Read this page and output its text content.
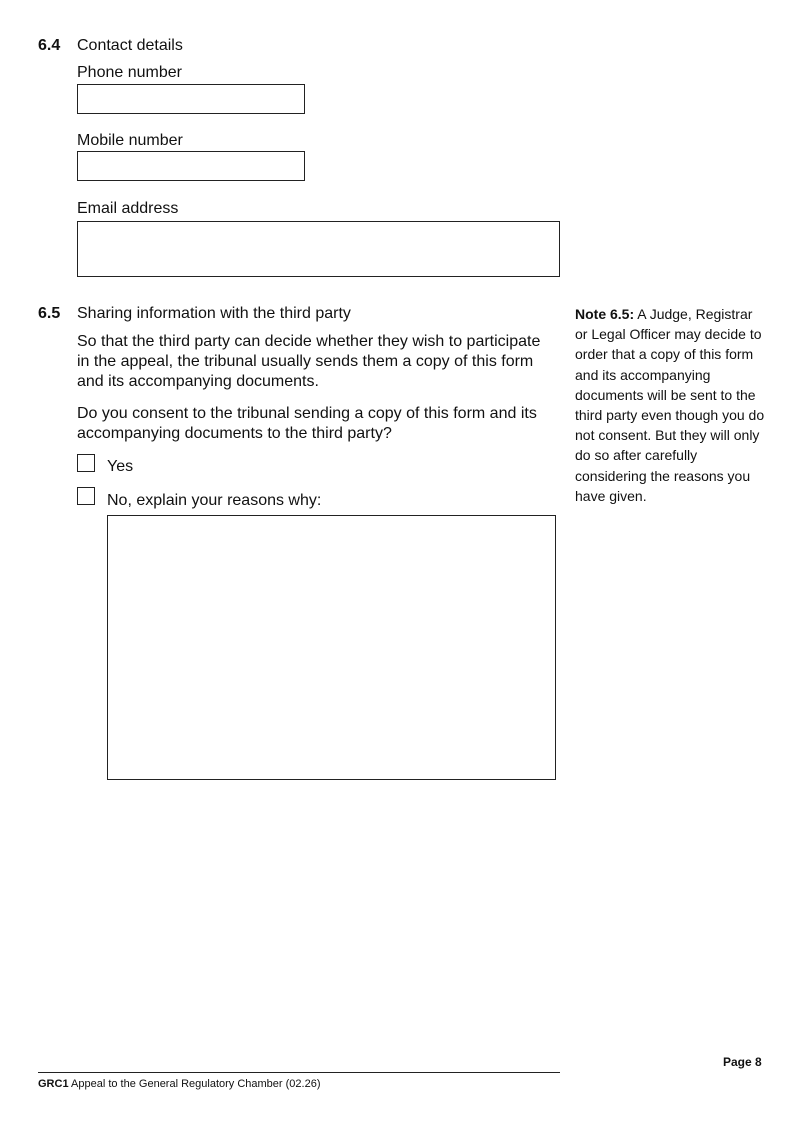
6.4 Contact details
Phone number
Mobile number
Email address
6.5 Sharing information with the third party
So that the third party can decide whether they wish to participate in the appeal, the tribunal usually sends them a copy of this form and its accompanying documents.
Do you consent to the tribunal sending a copy of this form and its accompanying documents to the third party?
Yes
No, explain your reasons why:
Note 6.5: A Judge, Registrar or Legal Officer may decide to order that a copy of this form and its accompanying documents will be sent to the third party even though you do not consent. But they will only do so after carefully considering the reasons you have given.
Page 8
GRC1 Appeal to the General Regulatory Chamber (02.26)
